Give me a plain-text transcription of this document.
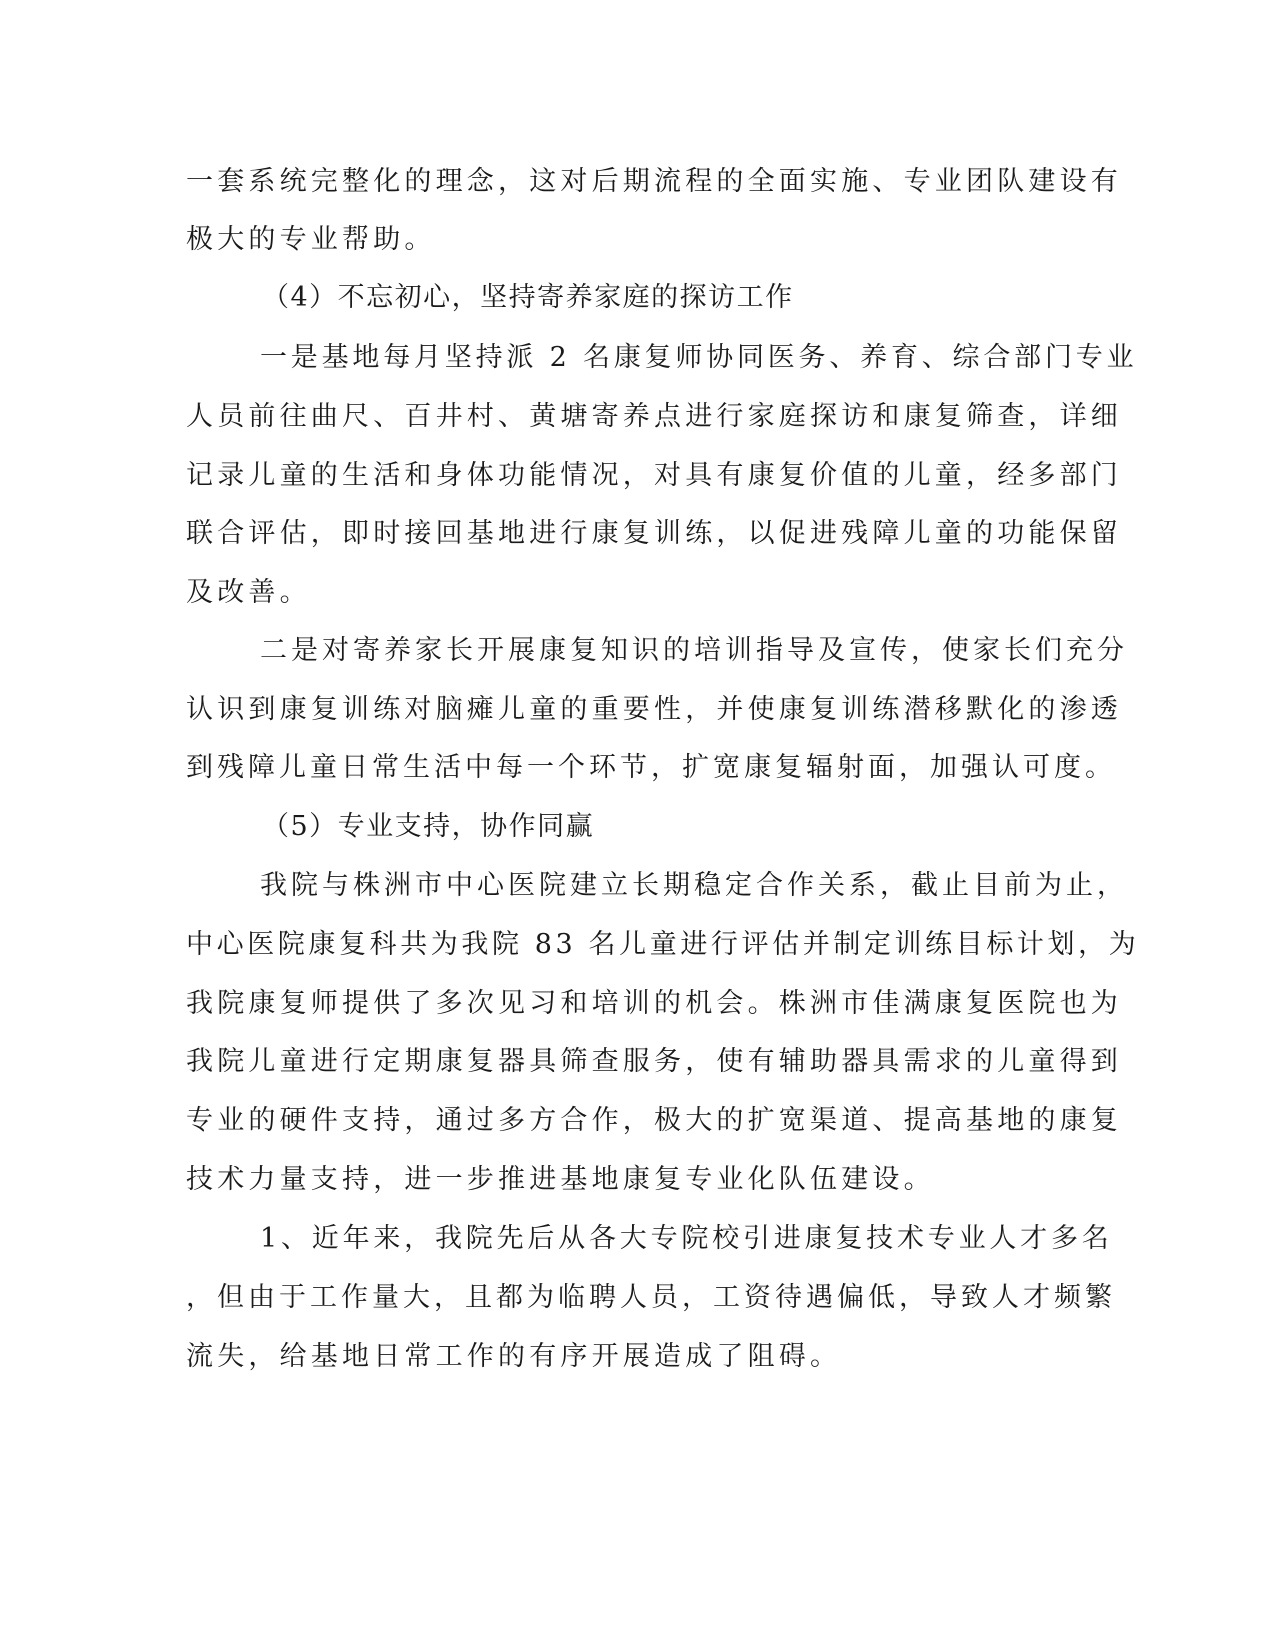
一套系统完整化的理念，这对后期流程的全面实施、专业团队建设有
极大的专业帮助。
（4）不忘初心，坚持寄养家庭的探访工作
一是基地每月坚持派 2 名康复师协同医务、养育、综合部门专业
人员前往曲尺、百井村、黄塘寄养点进行家庭探访和康复筛查，详细
记录儿童的生活和身体功能情况，对具有康复价值的儿童，经多部门
联合评估，即时接回基地进行康复训练，以促进残障儿童的功能保留
及改善。
二是对寄养家长开展康复知识的培训指导及宣传，使家长们充分
认识到康复训练对脑瘫儿童的重要性，并使康复训练潜移默化的渗透
到残障儿童日常生活中每一个环节，扩宽康复辐射面，加强认可度。
（5）专业支持，协作同赢
我院与株洲市中心医院建立长期稳定合作关系，截止目前为止，
中心医院康复科共为我院 83 名儿童进行评估并制定训练目标计划，为
我院康复师提供了多次见习和培训的机会。株洲市佳满康复医院也为
我院儿童进行定期康复器具筛查服务，使有辅助器具需求的儿童得到
专业的硬件支持，通过多方合作，极大的扩宽渠道、提高基地的康复
技术力量支持，进一步推进基地康复专业化队伍建设。
1、近年来，我院先后从各大专院校引进康复技术专业人才多名
，但由于工作量大，且都为临聘人员，工资待遇偏低，导致人才频繁
流失，给基地日常工作的有序开展造成了阻碍。
